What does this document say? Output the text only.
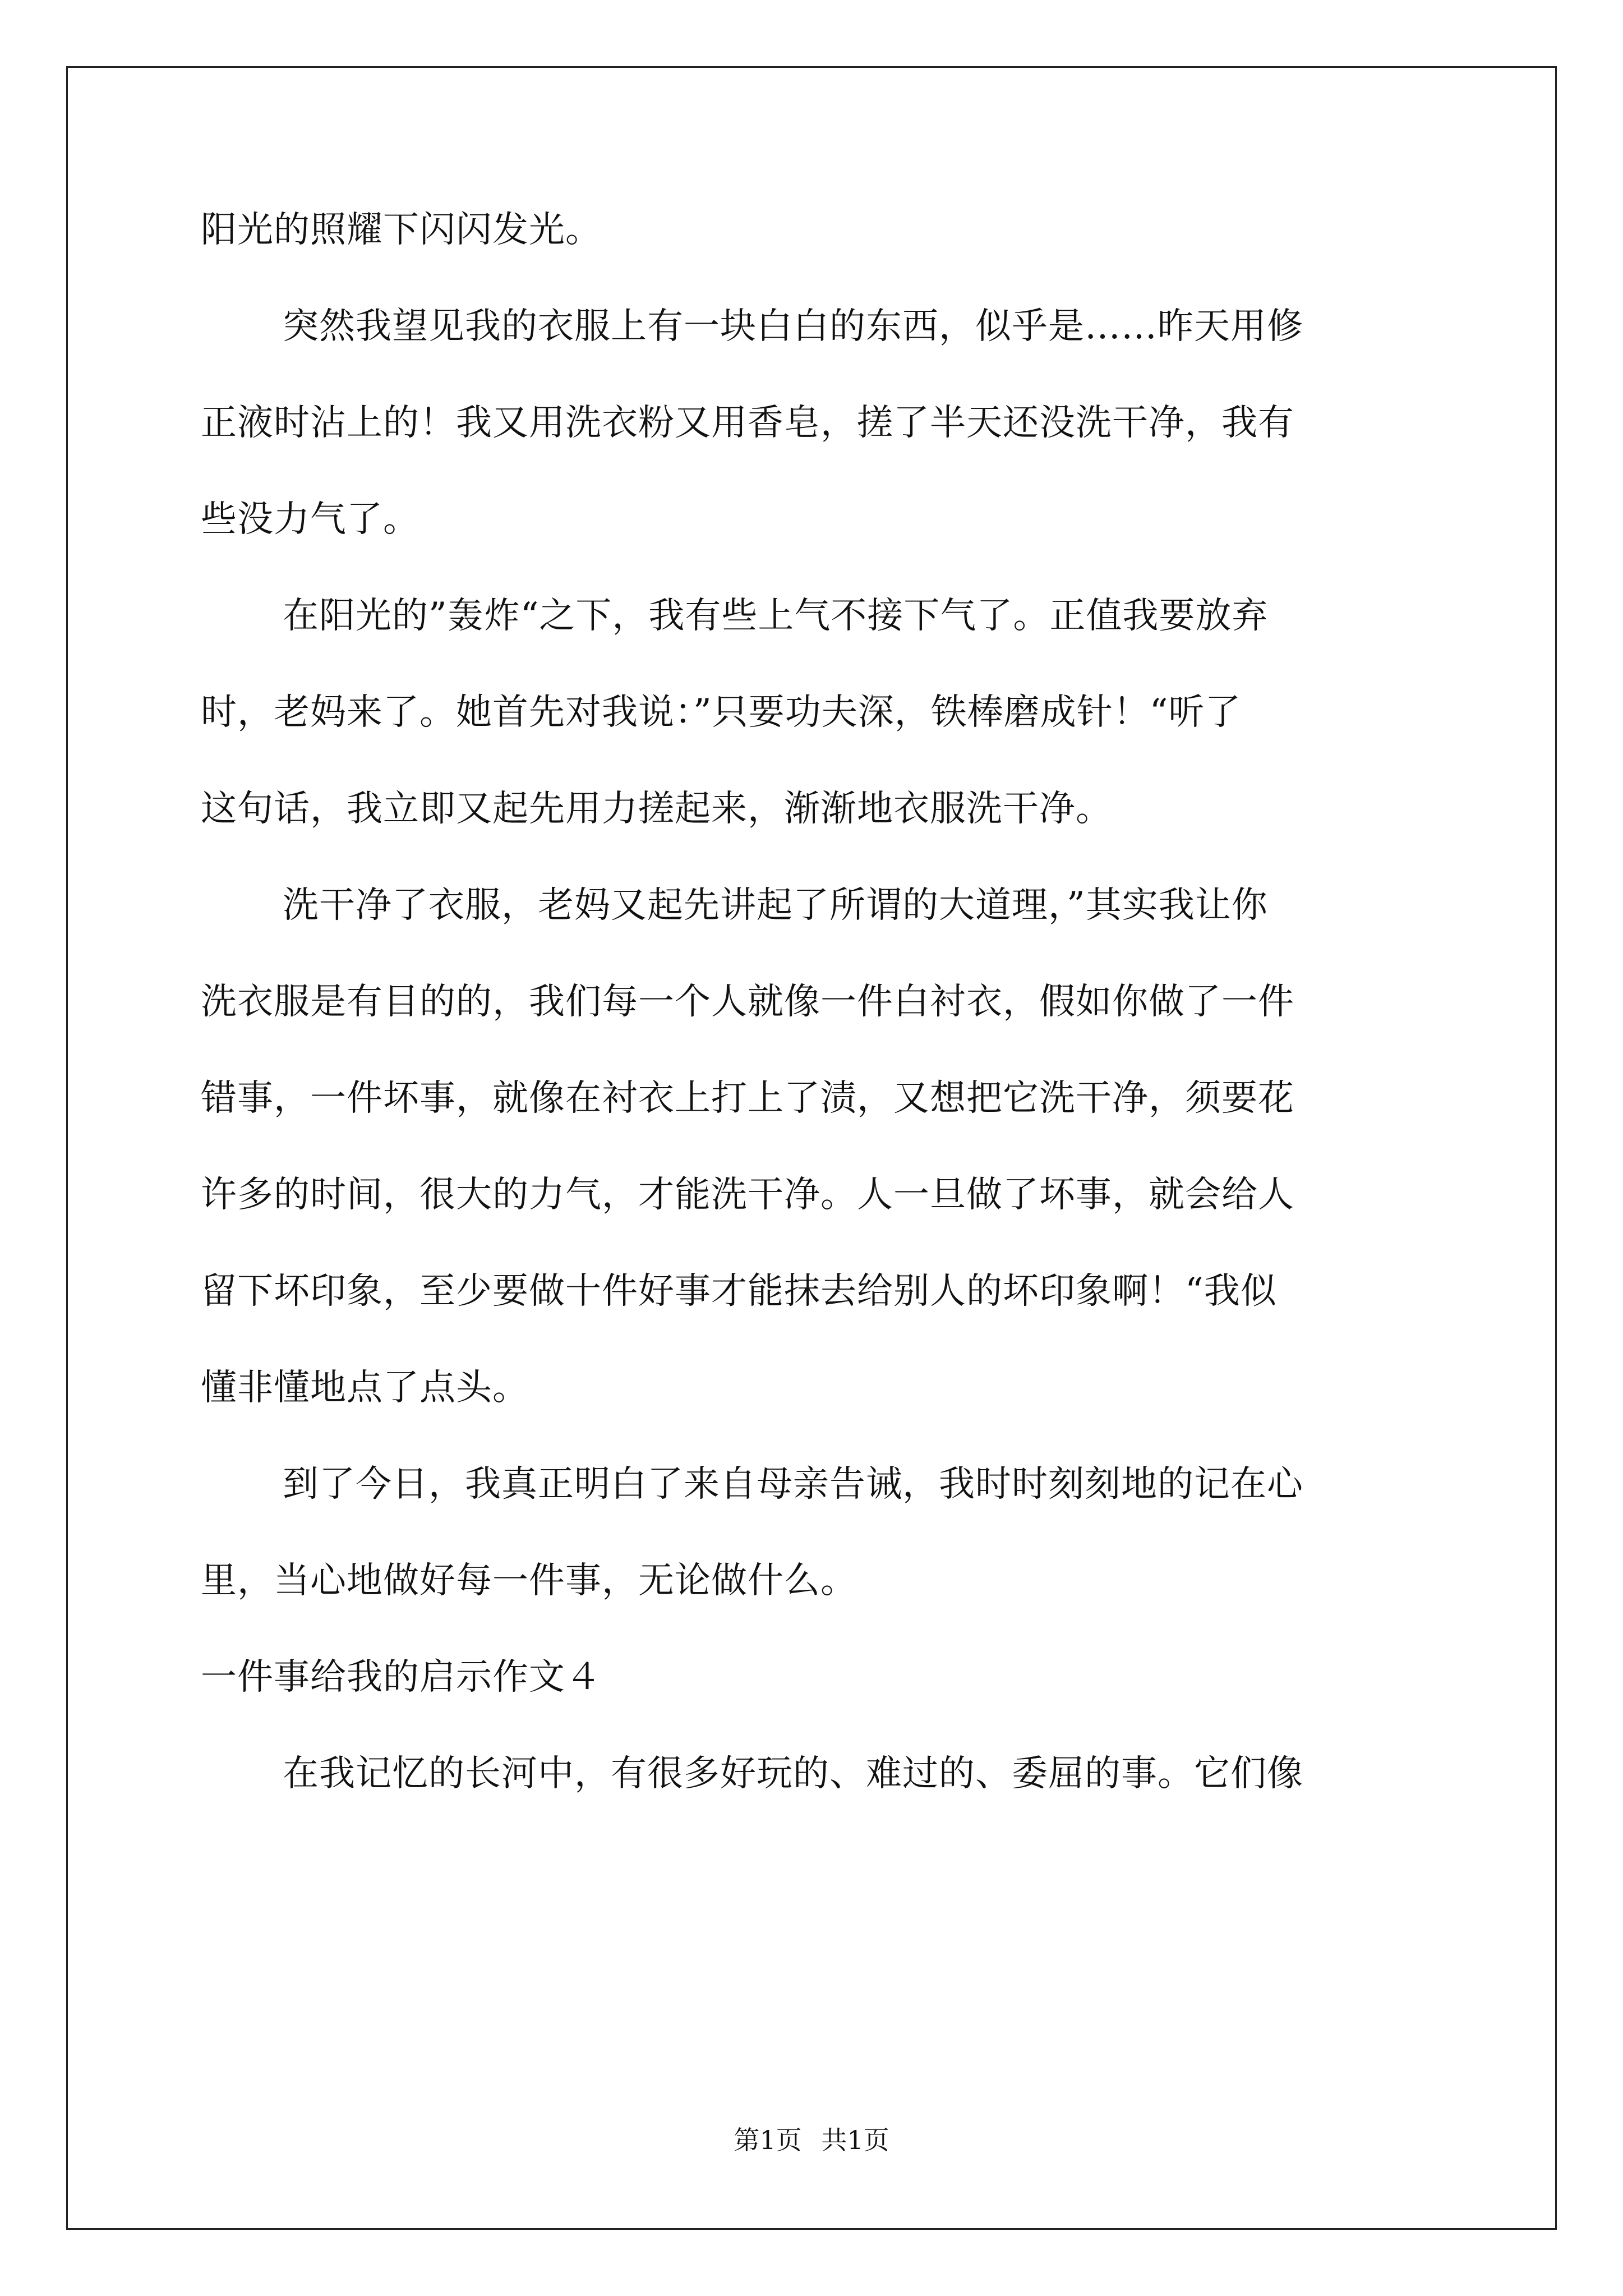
阳光的照耀下闪闪发光。
突然我望见我的衣服上有一块白白的东西，似乎是……昨天用修
正液时沾上的！我又用洗衣粉又用香皂，搓了半天还没洗干净，我有
些没力气了。
在阳光的”轰炸“之下，我有些上气不接下气了。正值我要放弃
时，老妈来了。她首先对我说：”只要功夫深，铁棒磨成针！“听了
这句话，我立即又起先用力搓起来，渐渐地衣服洗干净。
洗干净了衣服，老妈又起先讲起了所谓的大道理，”其实我让你
洗衣服是有目的的，我们每一个人就像一件白衬衣，假如你做了一件
错事，一件坏事，就像在衬衣上打上了渍，又想把它洗干净，须要花
许多的时间，很大的力气，才能洗干净。人一旦做了坏事，就会给人
留下坏印象，至少要做十件好事才能抹去给别人的坏印象啊！“我似
懂非懂地点了点头。
到了今日，我真正明白了来自母亲告诫，我时时刻刻地的记在心
里，当心地做好每一件事，无论做什么。
一件事给我的启示作文４
在我记忆的长河中，有很多好玩的、难过的、委屈的事。它们像
第1页 共1页
